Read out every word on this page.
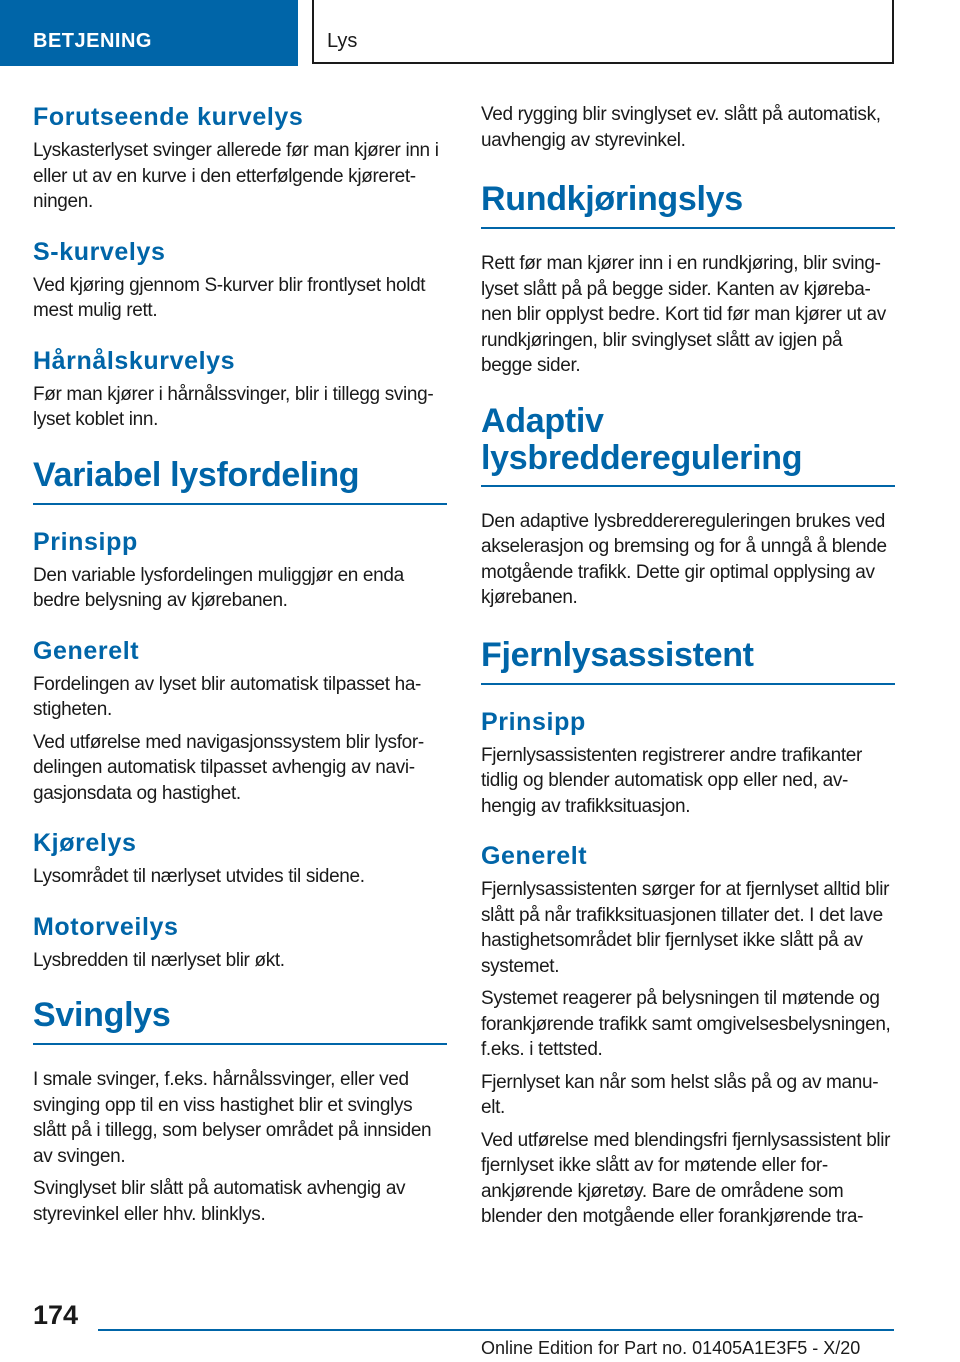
BETJENING	Lys
Forutseende kurvelys
Lyskasterlyset svinger allerede før man kjører inn i eller ut av en kurve i den etterfølgende kjøreretningen.
S-kurvelys
Ved kjøring gjennom S-kurver blir frontlyset holdt mest mulig rett.
Hårnålskurvelys
Før man kjører i hårnålssvinger, blir i tillegg svinglyset koblet inn.
Variabel lysfordeling
Prinsipp
Den variable lysfordelingen muliggjør en enda bedre belysning av kjørebanen.
Generelt
Fordelingen av lyset blir automatisk tilpasset hastigheten.
Ved utførelse med navigasjonssystem blir lysfordelingen automatisk tilpasset avhengig av navigasjonsdata og hastighet.
Kjørelys
Lysområdet til nærlyset utvides til sidene.
Motorveilys
Lysbredden til nærlyset blir økt.
Svinglys
I smale svinger, f.eks. hårnålssvinger, eller ved svinging opp til en viss hastighet blir et svinglys slått på i tillegg, som belyser området på innsiden av svingen.
Svinglyset blir slått på automatisk avhengig av styrevinkel eller hhv. blinklys.
Ved rygging blir svinglyset ev. slått på automatisk, uavhengig av styrevinkel.
Rundkjøringslys
Rett før man kjører inn i en rundkjøring, blir svinglyset slått på på begge sider. Kanten av kjørebanen blir opplyst bedre. Kort tid før man kjører ut av rundkjøringen, blir svinglyset slått av igjen på begge sider.
Adaptiv
lysbredderegulering
Den adaptive lysbredderereguleringen brukes ved akselerasjon og bremsing og for å unngå å blende motgående trafikk. Dette gir optimal opplysing av kjørebanen.
Fjernlysassistent
Prinsipp
Fjernlysassistenten registrerer andre trafikanter tidlig og blender automatisk opp eller ned, avhengig av trafikksituasjon.
Generelt
Fjernlysassistenten sørger for at fjernlyset alltid blir slått på når trafikksituasjonen tillater det. I det lave hastighetsområdet blir fjernlyset ikke slått på av systemet.
Systemet reagerer på belysningen til møtende og forankjørende trafikk samt omgivelsesbelysningen, f.eks. i tettsted.
Fjernlyset kan når som helst slås på og av manuelt.
Ved utførelse med blendingsfri fjernlysassistent blir fjernlyset ikke slått av for møtende eller forankjørende kjøretøy. Bare de områdene som blender den motgående eller forankjørende tra-
174
Online Edition for Part no. 01405A1E3F5 - X/20
